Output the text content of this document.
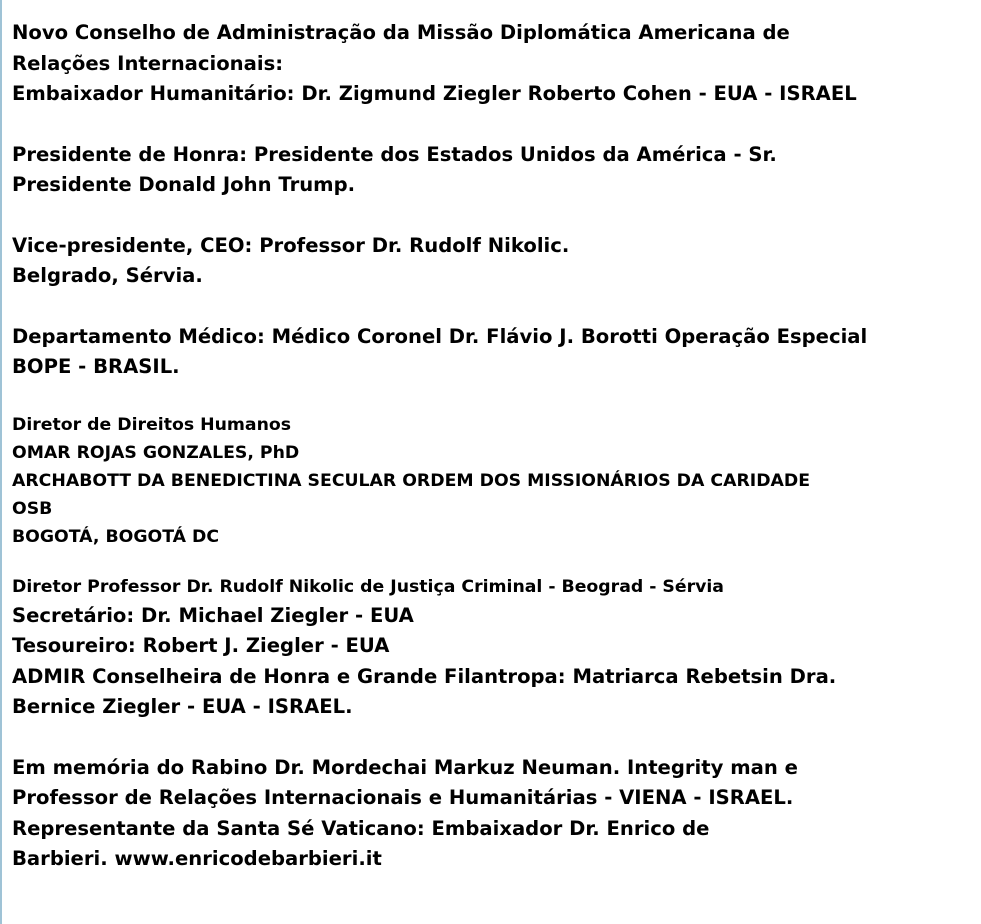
Novo Conselho de Administração da Missão Diplomática Americana de
Relações Internacionais:
Embaixador Humanitário: Dr. Zigmund Ziegler Roberto Cohen - EUA - ISRAEL
Presidente de Honra: Presidente dos Estados Unidos da América - Sr.
Presidente Donald John Trump.
Vice-presidente, CEO: Professor Dr. Rudolf Nikolic.
Belgrado, Sérvia.
Departamento Médico: Médico Coronel Dr. Flávio J. Borotti Operação Especial
BOPE - BRASIL.
Diretor de Direitos Humanos
OMAR ROJAS GONZALES, PhD
ARCHABOTT DA BENEDICTINA SECULAR ORDEM DOS MISSIONÁRIOS DA CARIDADE
OSB
BOGOTÁ, BOGOTÁ DC
Diretor Professor Dr. Rudolf Nikolic de Justiça Criminal - Beograd - Sérvia
Secretário: Dr. Michael Ziegler - EUA
Tesoureiro: Robert J. Ziegler - EUA
ADMIR Conselheira de Honra e Grande Filantropa: Matriarca Rebetsin Dra.
Bernice Ziegler - EUA - ISRAEL.
Em memória do Rabino Dr. Mordechai Markuz Neuman. Integrity man e
Professor de Relações Internacionais e Humanitárias - VIENA - ISRAEL.
Representante da Santa Sé Vaticano: Embaixador Dr. Enrico de
Barbieri. www.enricodebarbieri.it
